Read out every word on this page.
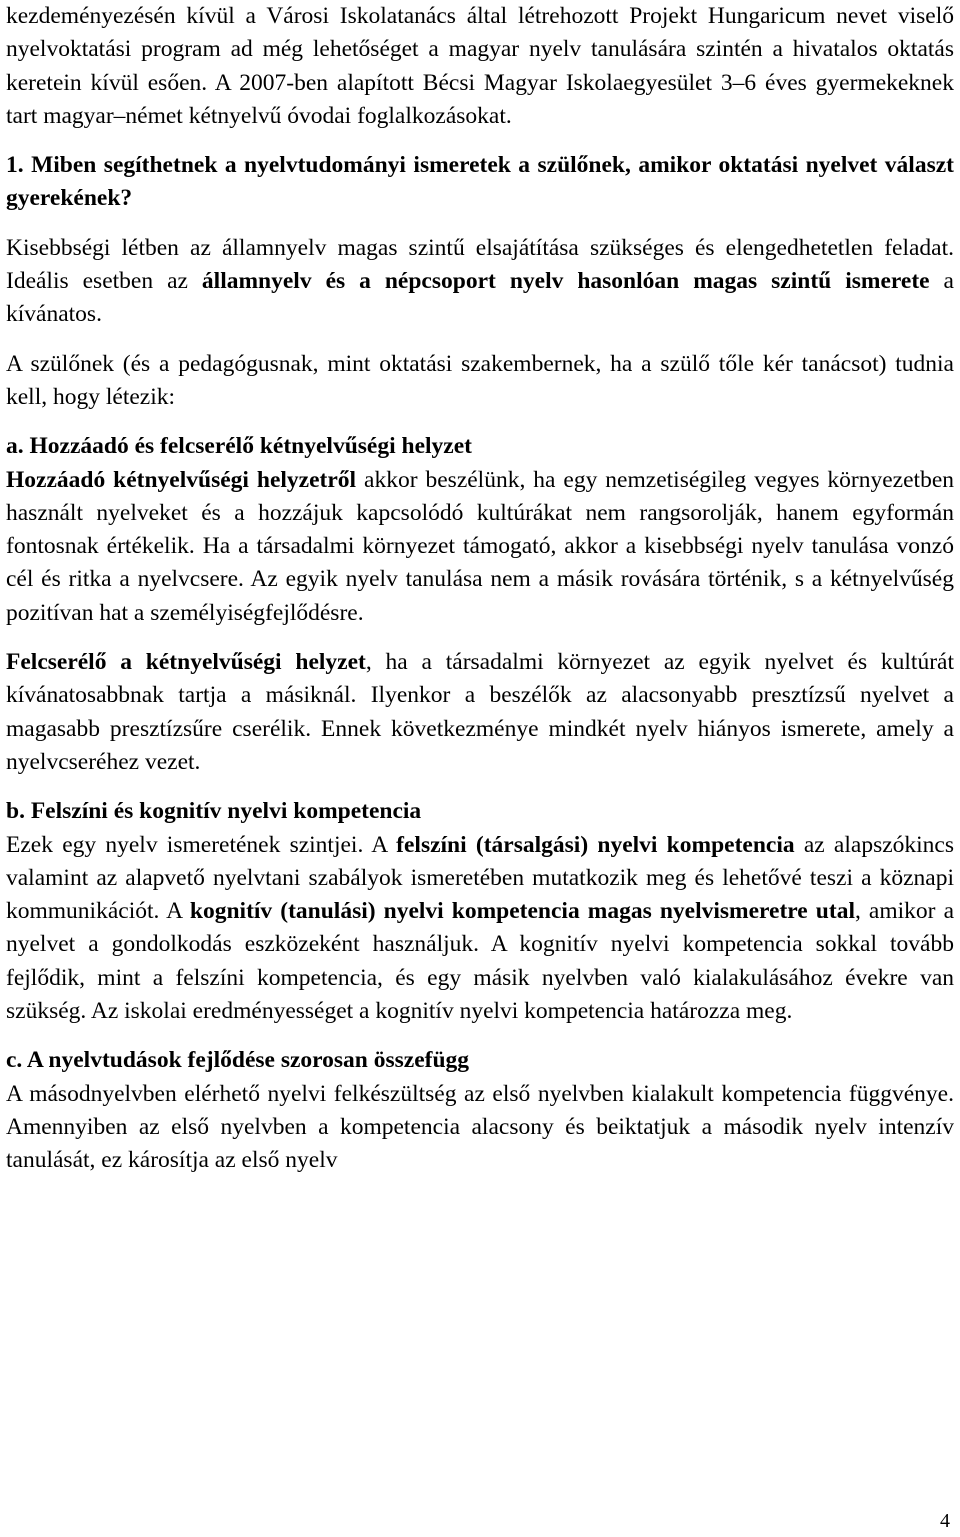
kezdeményezésén kívül a Városi Iskolatanács által létrehozott Projekt Hungaricum nevet viselő nyelvoktatási program ad még lehetőséget a magyar nyelv tanulására szintén a hivatalos oktatás keretein kívül esően. A 2007-ben alapított Bécsi Magyar Iskolaegyesület 3–6 éves gyermekeknek tart magyar–német kétnyelvű óvodai foglalkozásokat.

1. Miben segíthetnek a nyelvtudományi ismeretek a szülőnek, amikor oktatási nyelvet választ gyerekének?

Kisebbségi létben az államnyelv magas szintű elsajátítása szükséges és elengedhetetlen feladat. Ideális esetben az államnyelv és a népcsoport nyelv hasonlóan magas szintű ismerete a kívánatos.

A szülőnek (és a pedagógusnak, mint oktatási szakembernek, ha a szülő tőle kér tanácsot) tudnia kell, hogy létezik:

a. Hozzáadó és felcserélő kétnyelvűségi helyzet

Hozzáadó kétnyelvűségi helyzetről akkor beszélünk, ha egy nemzetiségileg vegyes környezetben használt nyelveket és a hozzájuk kapcsolódó kultúrákat nem rangsorolják, hanem egyformán fontosnak értékelik. Ha a társadalmi környezet támogató, akkor a kisebbségi nyelv tanulása vonzó cél és ritka a nyelvcsere. Az egyik nyelv tanulása nem a másik rovására történik, s a kétnyelvűség pozitívan hat a személyiségfejlődésre.

Felcserélő a kétnyelvűségi helyzet, ha a társadalmi környezet az egyik nyelvet és kultúrát kívánatosabbnak tartja a másiknál. Ilyenkor a beszélők az alacsonyabb presztízsű nyelvet a magasabb presztízsűre cserélik. Ennek következménye mindkét nyelv hiányos ismerete, amely a nyelvcseréhez vezet.

b. Felszíni és kognitív nyelvi kompetencia

Ezek egy nyelv ismeretének szintjei. A felszíni (társalgási) nyelvi kompetencia az alapszókincs valamint az alapvető nyelvtani szabályok ismeretében mutatkozik meg és lehetővé teszi a köznapi kommunikációt. A kognitív (tanulási) nyelvi kompetencia magas nyelvismeretre utal, amikor a nyelvet a gondolkodás eszközeként használjuk. A kognitív nyelvi kompetencia sokkal tovább fejlődik, mint a felszíni kompetencia, és egy másik nyelvben való kialakulásához évekre van szükség. Az iskolai eredményességet a kognitív nyelvi kompetencia határozza meg.

c. A nyelvtudások fejlődése szorosan összefügg

A másodnyelvben elérhető nyelvi felkészültség az első nyelvben kialakult kompetencia függvénye. Amennyiben az első nyelvben a kompetencia alacsony és beiktatjuk a második nyelv intenzív tanulását, ez károsítja az első nyelv

4
